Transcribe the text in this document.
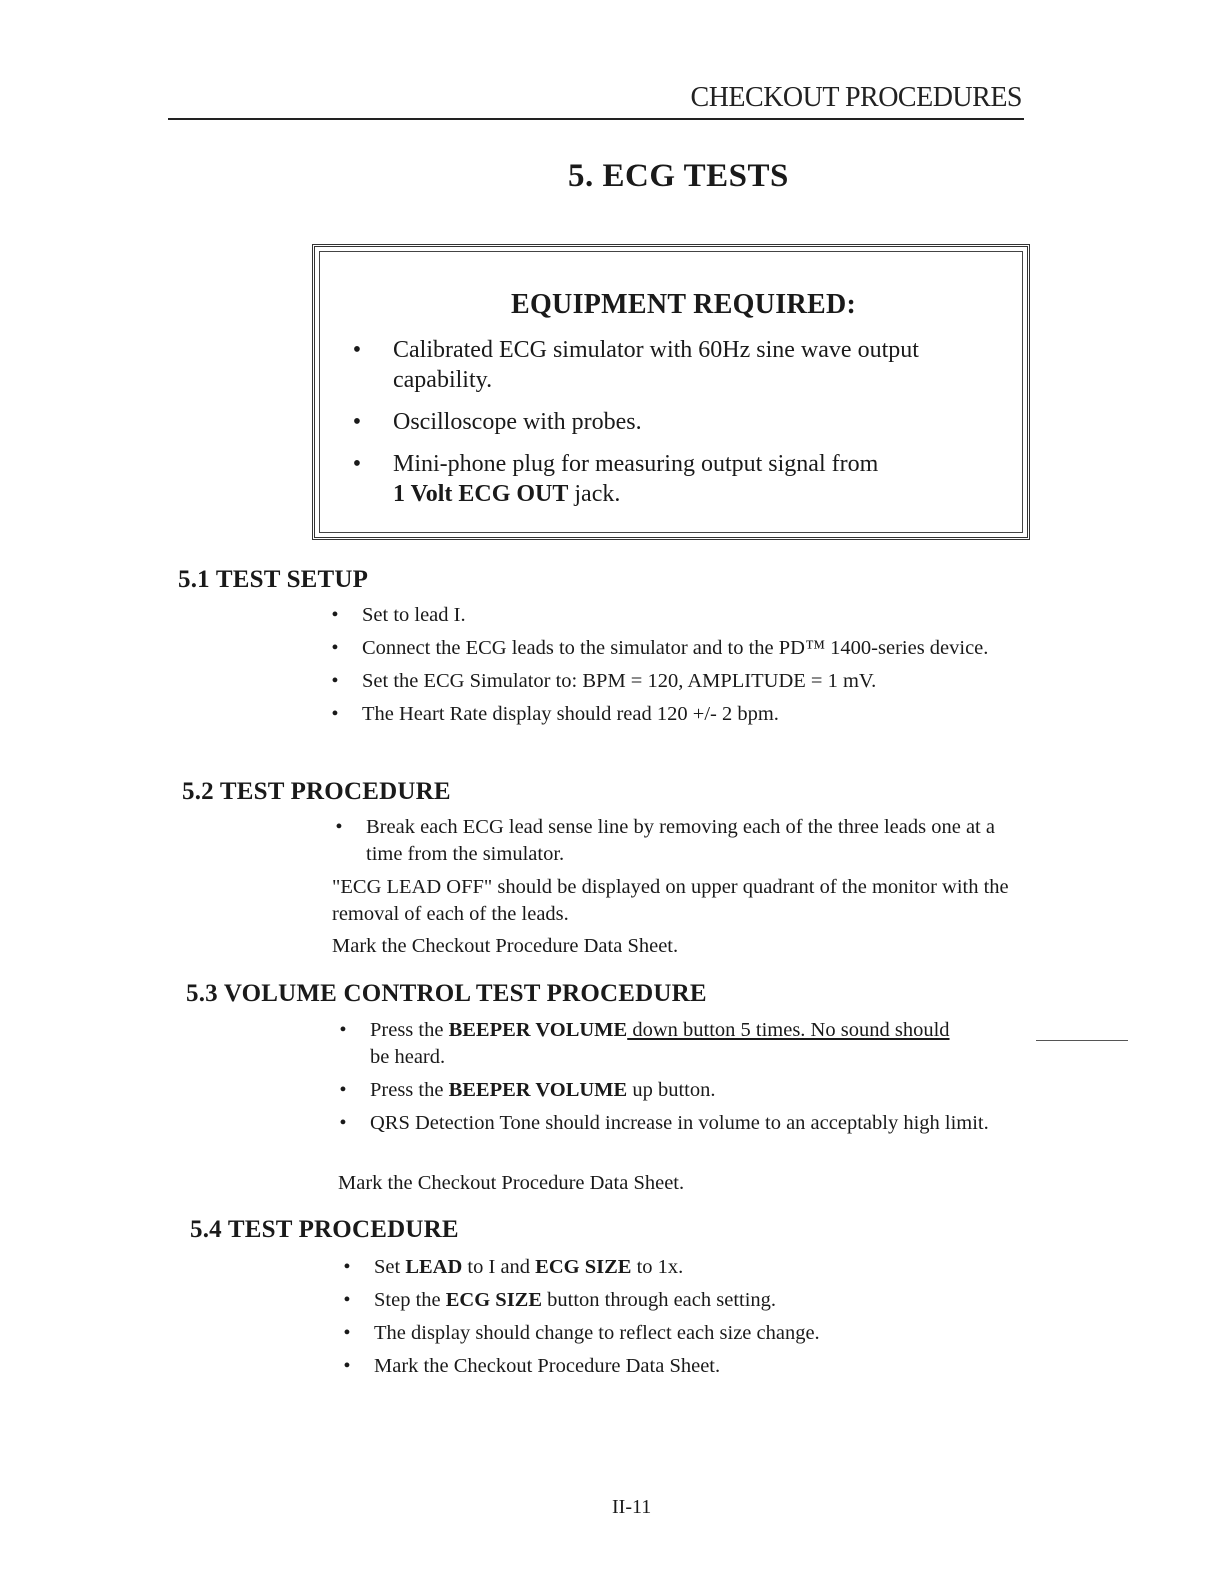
CHECKOUT PROCEDURES
5. ECG TESTS
EQUIPMENT REQUIRED:
•	Calibrated ECG simulator with 60Hz sine wave output capability.
•	Oscilloscope with probes.
•	Mini-phone plug for measuring output signal from
1 Volt ECG OUT jack.
5.1 TEST SETUP
• Set to lead I.
• Connect the ECG leads to the simulator and to the PD™ 1400-series device.
• Set the ECG Simulator to: BPM = 120, AMPLITUDE = 1 mV.
• The Heart Rate display should read 120 +/- 2 bpm.
5.2 TEST PROCEDURE
• Break each ECG lead sense line by removing each of the three leads one at a time from the simulator.
"ECG LEAD OFF" should be displayed on upper quadrant of the monitor with the removal of each of the leads.
Mark the Checkout Procedure Data Sheet.
5.3 VOLUME CONTROL TEST PROCEDURE
• Press the BEEPER VOLUME down button 5 times. No sound should
be heard.
• Press the BEEPER VOLUME up button.
• QRS Detection Tone should increase in volume to an acceptably high limit.
Mark the Checkout Procedure Data Sheet.
5.4 TEST PROCEDURE
• Set LEAD to I and ECG SIZE to 1x.
• Step the ECG SIZE button through each setting.
• The display should change to reflect each size change.
• Mark the Checkout Procedure Data Sheet.
II-11
